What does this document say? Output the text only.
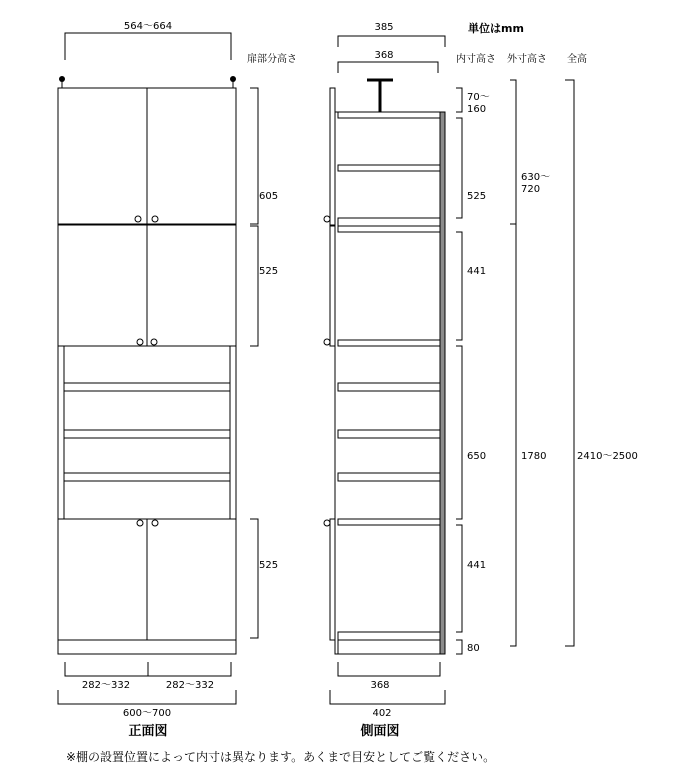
564～664
605
525
525
282～332	282～332
600～700
正面図
385
368
70～ 160
525
441
650
441
80
630～ 720
1780	2410～2500
368
402
側面図
単位はmm
扉部分高さ	内寸高さ 外寸高さ 全高
※棚の設置位置によって内寸は異なります。あくまで目安としてご覧ください。
